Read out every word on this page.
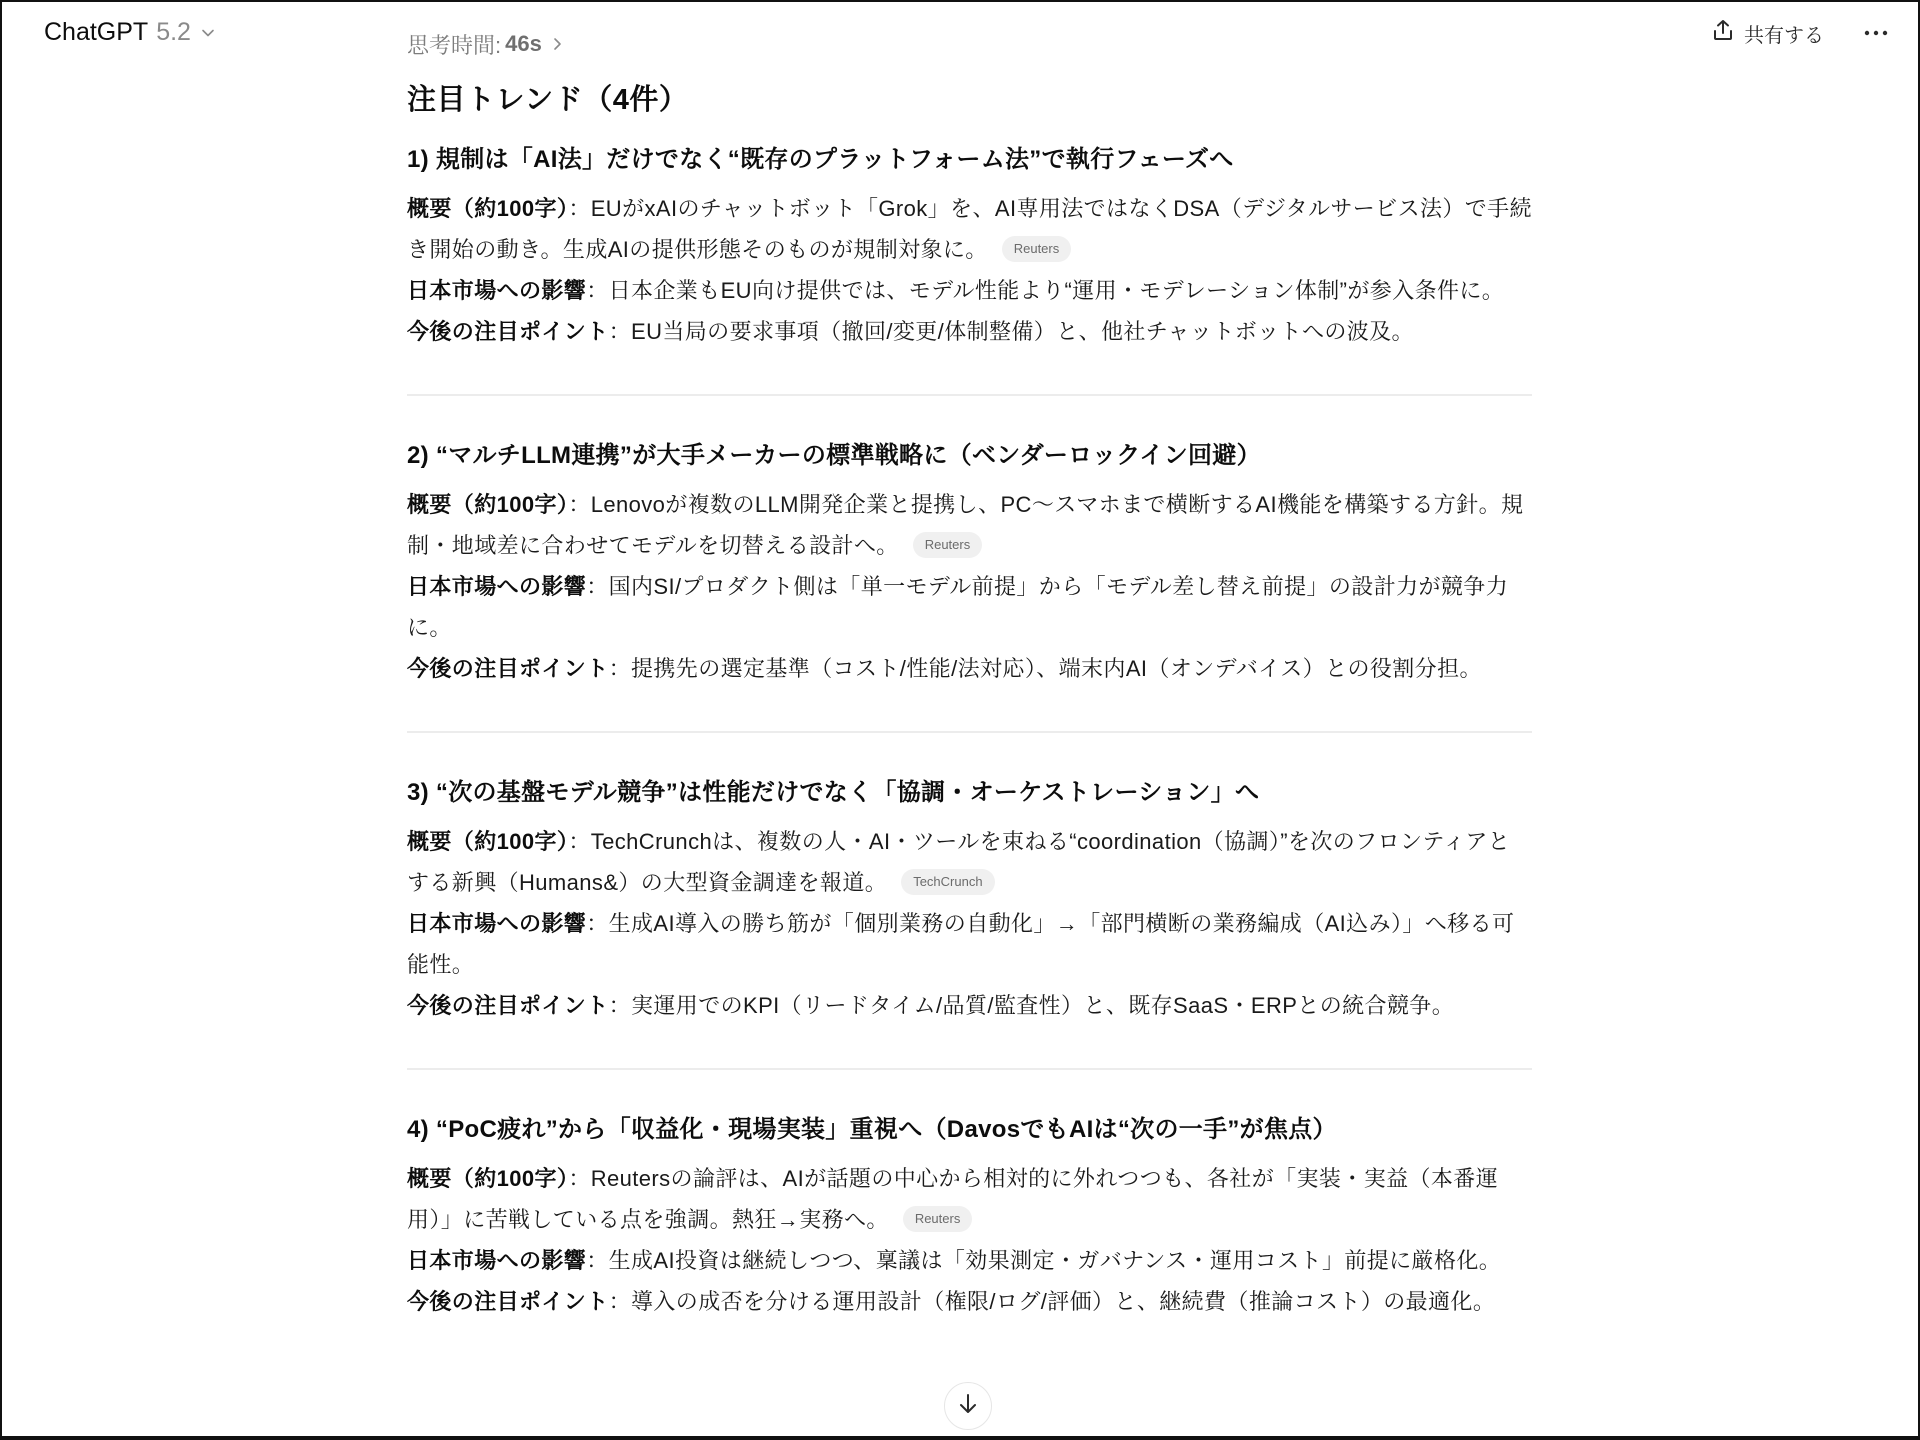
ChatGPT 5.2	共有する
思考時間: 46s
注目トレンド（4件）
1) 規制は「AI法」だけでなく“既存のプラットフォーム法”で執行フェーズへ

概要（約100字）：EUがxAIのチャットボット「Grok」を、AI専用法ではなくDSA（デジタルサービス法）で手続き開始の動き。生成AIの提供形態そのものが規制対象に。 Reuters

日本市場への影響：日本企業もEU向け提供では、モデル性能より“運用・モデレーション体制”が参入条件に。

今後の注目ポイント：EU当局の要求事項（撤回/変更/体制整備）と、他社チャットボットへの波及。

2) “マルチLLM連携”が大手メーカーの標準戦略に（ベンダーロックイン回避）

概要（約100字）：Lenovoが複数のLLM開発企業と提携し、PC〜スマホまで横断するAI機能を構築する方針。規制・地域差に合わせてモデルを切替える設計へ。 Reuters

日本市場への影響：国内SI/プロダクト側は「単一モデル前提」から「モデル差し替え前提」の設計力が競争力に。

今後の注目ポイント：提携先の選定基準（コスト/性能/法対応）、端末内AI（オンデバイス）との役割分担。

3) “次の基盤モデル競争”は性能だけでなく「協調・オーケストレーション」へ

概要（約100字）：TechCrunchは、複数の人・AI・ツールを束ねる“coordination（協調）”を次のフロンティアとする新興（Humans&）の大型資金調達を報道。 TechCrunch

日本市場への影響：生成AI導入の勝ち筋が「個別業務の自動化」→「部門横断の業務編成（AI込み）」へ移る可能性。

今後の注目ポイント：実運用でのKPI（リードタイム/品質/監査性）と、既存SaaS・ERPとの統合競争。

4) “PoC疲れ”から「収益化・現場実装」重視へ（DavosでもAIは“次の一手”が焦点）

概要（約100字）：Reutersの論評は、AIが話題の中心から相対的に外れつつも、各社が「実装・実益（本番運用）」に苦戦している点を強調。熱狂→実務へ。 Reuters

日本市場への影響：生成AI投資は継続しつつ、稟議は「効果測定・ガバナンス・運用コスト」前提に厳格化。

今後の注目ポイント：導入の成否を分ける運用設計（権限/ログ/評価）と、継続費（推論コスト）の最適化。
